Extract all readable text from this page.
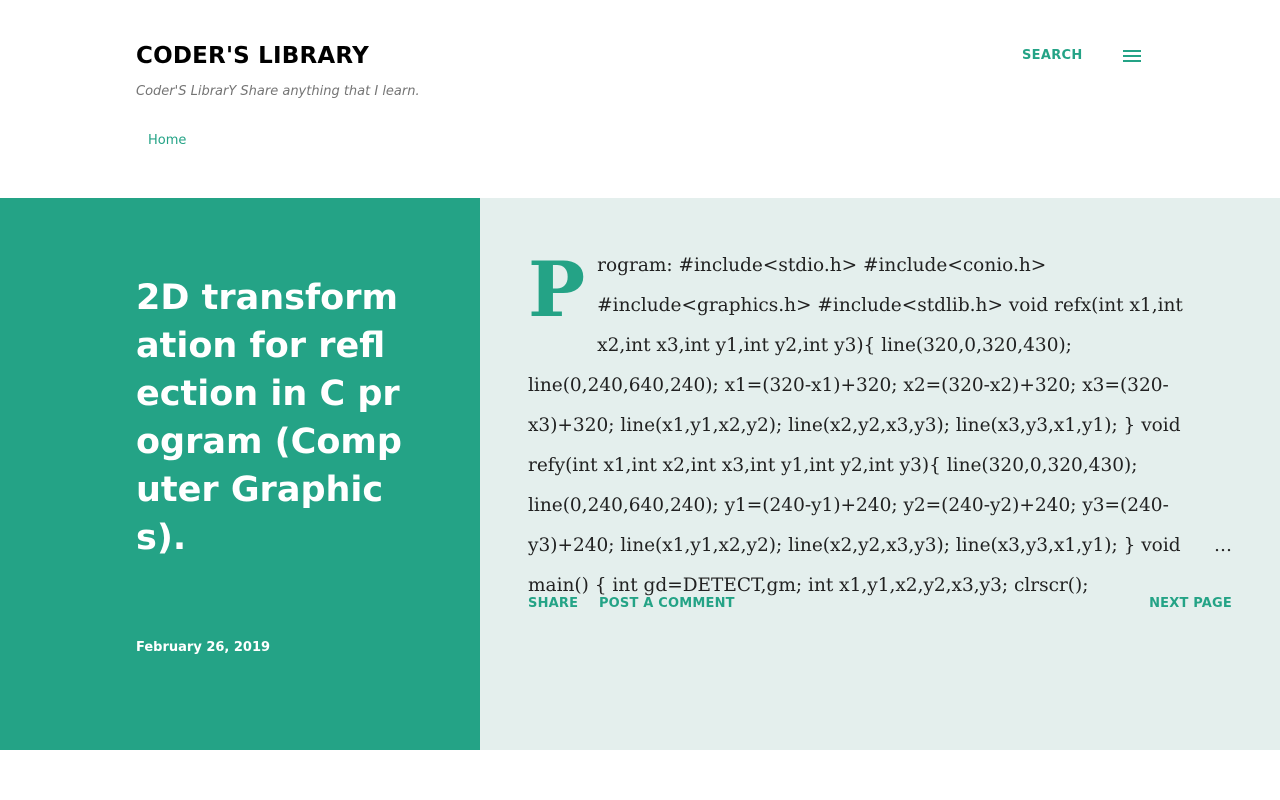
CODER'S LIBRARY
Coder'S LibrarY Share anything that I learn.
SEARCH
Home
2D transformation for reflection in C program (Computer Graphics).
February 26, 2019
Program: #include<stdio.h> #include<conio.h> #include<graphics.h> #include<stdlib.h> void refx(int x1,int x2,int x3,int y1,int y2,int y3){ line(320,0,320,430); line(0,240,640,240); x1=(320-x1)+320; x2=(320-x2)+320; x3=(320-x3)+320; line(x1,y1,x2,y2); line(x2,y2,x3,y3); line(x3,y3,x1,y1); } void refy(int x1,int x2,int x3,int y1,int y2,int y3){ line(320,0,320,430); line(0,240,640,240); y1=(240-y1)+240; y2=(240-y2)+240; y3=(240-y3)+240; line(x1,y1,x2,y2); line(x2,y2,x3,y3); line(x3,y3,x1,y1); } void main() { int gd=DETECT,gm; int x1,y1,x2,y2,x3,y3; clrscr();
…
SHARE POST A COMMENT	NEXT PAGE
